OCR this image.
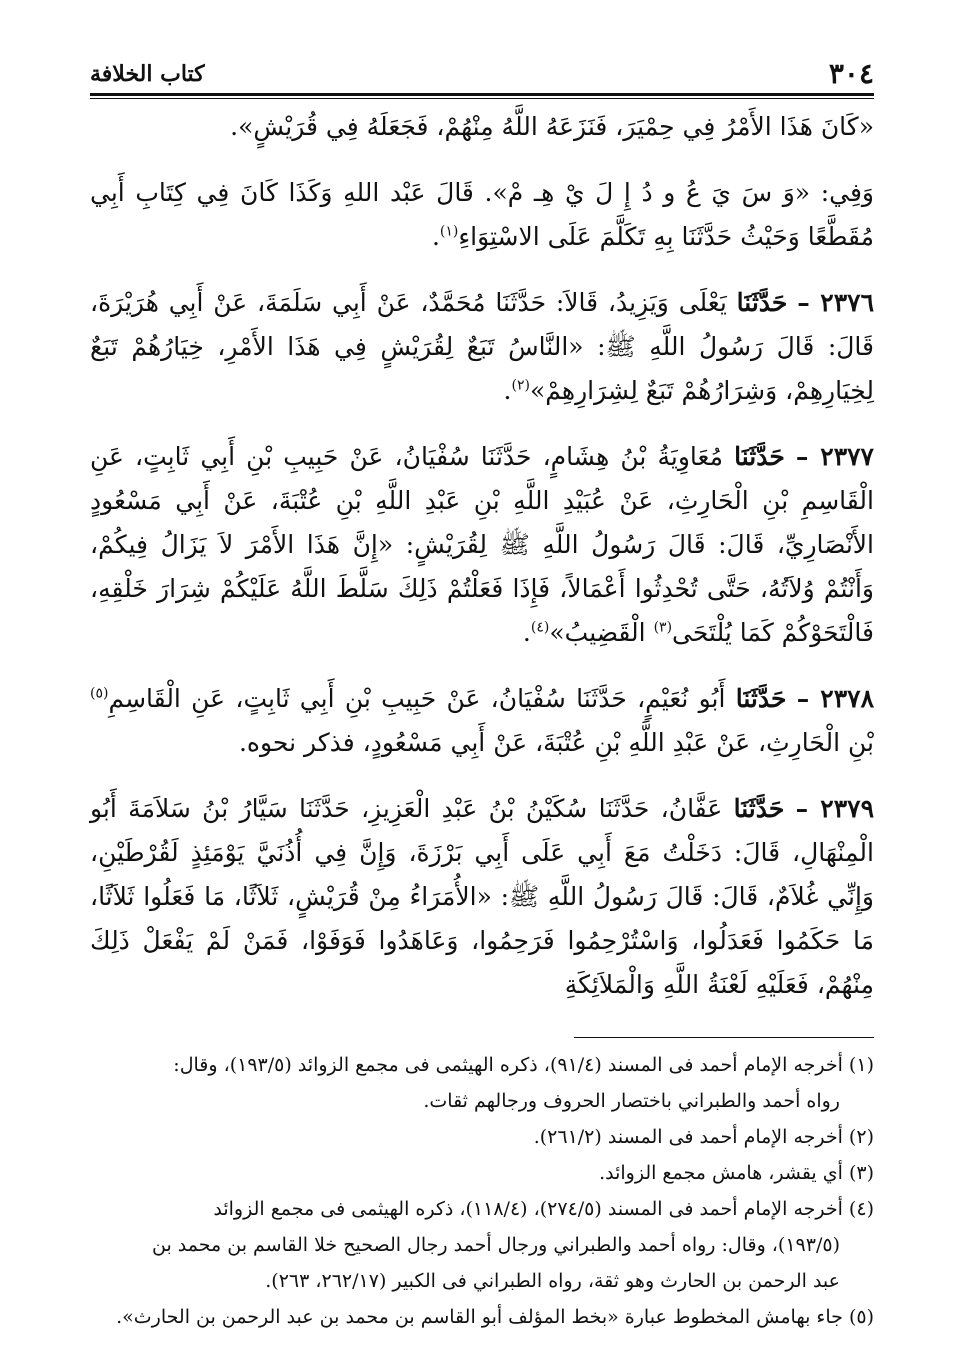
٣٠٤
كتاب الخلافة

«كَانَ هَذَا الأَمْرُ فِي حِمْيَرَ، فَنَزَعَهُ اللَّهُ مِنْهُمْ، فَجَعَلَهُ فِي قُرَيْشٍ».

وَفِي: «وَ سَ يَ عُ و دُ إِ لَ يْ هِـ مْ». قَالَ عَبْد اللهِ وَكَذَا كَانَ فِي كِتَابِ أَبِي مُقَطَّعًا وَحَيْثُ حَدَّثَنَا بِهِ تَكَلَّمَ عَلَى الاسْتِوَاءِ$^{(١)}$.

٢٣٧٦ – حَدَّثَنَا يَعْلَى وَيَزِيدُ، قَالاَ: حَدَّثَنَا مُحَمَّدٌ، عَنْ أَبِي سَلَمَةَ، عَنْ أَبِي هُرَيْرَةَ، قَالَ: قَالَ رَسُولُ اللَّهِ ﷺ: «النَّاسُ تَبَعٌ لِقُرَيْشٍ فِي هَذَا الأَمْرِ، خِيَارُهُمْ تَبَعٌ لِخِيَارِهِمْ، وَشِرَارُهُمْ تَبَعٌ لِشِرَارِهِمْ»$^{(٢)}$.

٢٣٧٧ – حَدَّثَنَا مُعَاوِيَةُ بْنُ هِشَامٍ، حَدَّثَنَا سُفْيَانُ، عَنْ حَبِيبِ بْنِ أَبِي ثَابِتٍ، عَنِ الْقَاسِمِ بْنِ الْحَارِثِ، عَنْ عُبَيْدِ اللَّهِ بْنِ عَبْدِ اللَّهِ بْنِ عُتْبَةَ، عَنْ أَبِي مَسْعُودٍ الأَنْصَارِيِّ، قَالَ: قَالَ رَسُولُ اللَّهِ ﷺ لِقُرَيْشٍ: «إِنَّ هَذَا الأَمْرَ لاَ يَزَالُ فِيكُمْ، وَأَنْتُمْ وُلاَتُهُ، حَتَّى تُحْدِثُوا أَعْمَالاً، فَإِذَا فَعَلْتُمْ ذَلِكَ سَلَّطَ اللَّهُ عَلَيْكُمْ شِرَارَ خَلْقِهِ، فَالْتَحَوْكُمْ كَمَا يُلْتَحَى$^{(٣)}$ الْقَضِيبُ»$^{(٤)}$.

٢٣٧٨ – حَدَّثَنَا أَبُو نُعَيْمٍ، حَدَّثَنَا سُفْيَانُ، عَنْ حَبِيبِ بْنِ أَبِي ثَابِتٍ، عَنِ الْقَاسِمِ$^{(٥)}$ بْنِ الْحَارِثِ، عَنْ عَبْدِ اللَّهِ بْنِ عُتْبَةَ، عَنْ أَبِي مَسْعُودٍ، فذكر نحوه.

٢٣٧٩ – حَدَّثَنَا عَفَّانُ، حَدَّثَنَا سُكَيْنُ بْنُ عَبْدِ الْعَزِيزِ، حَدَّثَنَا سَيَّارُ بْنُ سَلاَمَةَ أَبُو الْمِنْهَالِ، قَالَ: دَخَلْتُ مَعَ أَبِي عَلَى أَبِي بَرْزَةَ، وَإِنَّ فِي أُذُنَيَّ يَوْمَئِذٍ لَقُرْطَيْنِ، وَإِنِّي غُلاَمٌ، قَالَ: قَالَ رَسُولُ اللَّهِ ﷺ: «الأُمَرَاءُ مِنْ قُرَيْشٍ، ثَلاَثًا، مَا فَعَلُوا ثَلاَثًا، مَا حَكَمُوا فَعَدَلُوا، وَاسْتُرْحِمُوا فَرَحِمُوا، وَعَاهَدُوا فَوَفَوْا، فَمَنْ لَمْ يَفْعَلْ ذَلِكَ مِنْهُمْ، فَعَلَيْهِ لَعْنَةُ اللَّهِ وَالْمَلاَئِكَةِ

(١) أخرجه الإمام أحمد فى المسند (٩١/٤)، ذكره الهيثمى فى مجمع الزوائد (١٩٣/٥)، وقال:

رواه أحمد والطبراني باختصار الحروف ورجالهم ثقات.

(٢) أخرجه الإمام أحمد فى المسند (٢٦١/٢).

(٣) أي يقشر، هامش مجمع الزوائد.

(٤) أخرجه الإمام أحمد فى المسند (٢٧٤/٥)، (١١٨/٤)، ذكره الهيثمى فى مجمع الزوائد

(١٩٣/٥)، وقال: رواه أحمد والطبراني ورجال أحمد رجال الصحيح خلا القاسم بن محمد بن

عبد الرحمن بن الحارث وهو ثقة، رواه الطبراني فى الكبير (٢٦٢/١٧، ٢٦٣).

(٥) جاء بهامش المخطوط عبارة «بخط المؤلف أبو القاسم بن محمد بن عبد الرحمن بن الحارث».
